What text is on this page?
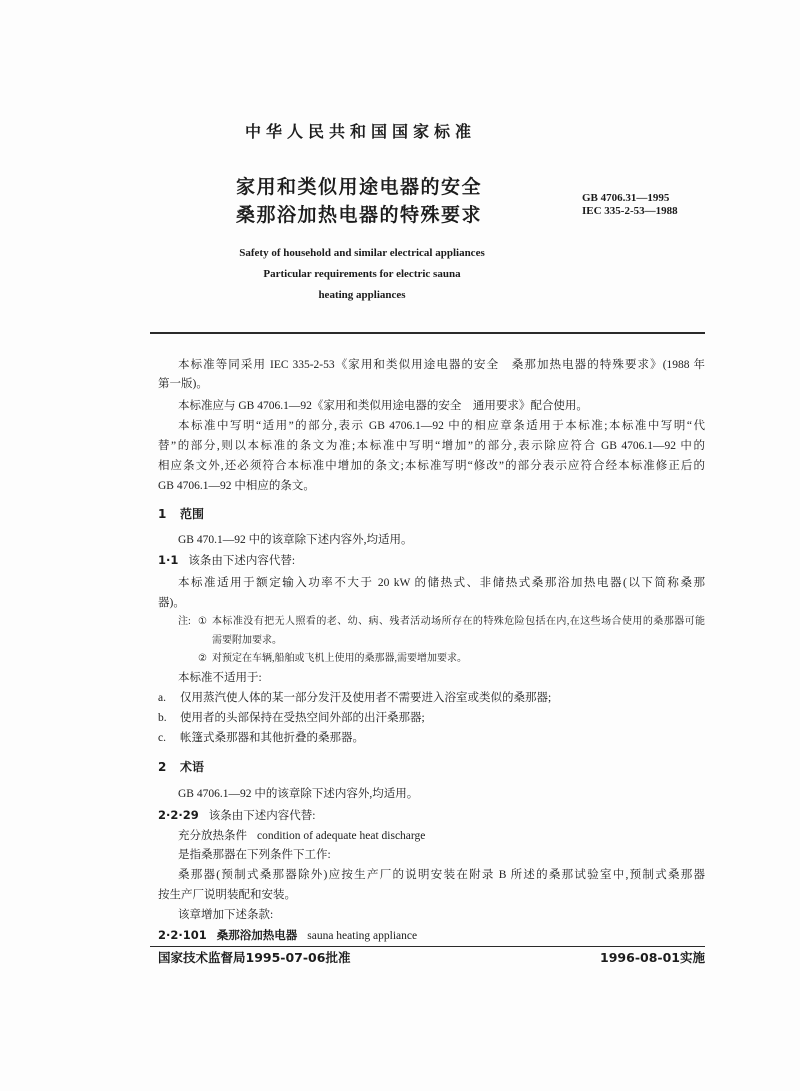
中华人民共和国国家标准
家用和类似用途电器的安全
桑那浴加热电器的特殊要求
GB 4706.31—1995
IEC 335-2-53—1988
Safety of household and similar electrical appliances
Particular requirements for electric sauna
heating appliances
本标准等同采用 IEC 335-2-53《家用和类似用途电器的安全　桑那加热电器的特殊要求》(1988 年
第一版)。
本标准应与 GB 4706.1—92《家用和类似用途电器的安全　通用要求》配合使用。
本标准中写明“适用”的部分,表示 GB 4706.1—92 中的相应章条适用于本标准;本标准中写明“代
替”的部分,则以本标准的条文为准;本标准中写明“增加”的部分,表示除应符合 GB 4706.1—92 中的
相应条文外,还必须符合本标准中增加的条文;本标准写明“修改”的部分表示应符合经本标准修正后的
GB 4706.1—92 中相应的条文。
1 范围
GB 470.1—92 中的该章除下述内容外,均适用。
1·1 该条由下述内容代替:
本标准适用于额定输入功率不大于 20 kW 的储热式、非储热式桑那浴加热电器(以下简称桑那
器)。
注: ① 本标准没有把无人照看的老、幼、病、残者活动场所存在的特殊危险包括在内,在这些场合使用的桑那器可能
需要附加要求。
② 对预定在车辆,船舶或飞机上使用的桑那器,需要增加要求。
本标准不适用于:
a. 仅用蒸汽使人体的某一部分发汗及使用者不需要进入浴室或类似的桑那器;
b. 使用者的头部保持在受热空间外部的出汗桑那器;
c. 帐篷式桑那器和其他折叠的桑那器。
2 术语
GB 4706.1—92 中的该章除下述内容外,均适用。
2·2·29 该条由下述内容代替:
充分放热条件 condition of adequate heat discharge
是指桑那器在下列条件下工作:
桑那器(预制式桑那器除外)应按生产厂的说明安装在附录 B 所述的桑那试验室中,预制式桑那器
按生产厂说明装配和安装。
该章增加下述条款:
2·2·101 桑那浴加热电器 sauna heating appliance
国家技术监督局1995-07-06批准	1996-08-01实施
